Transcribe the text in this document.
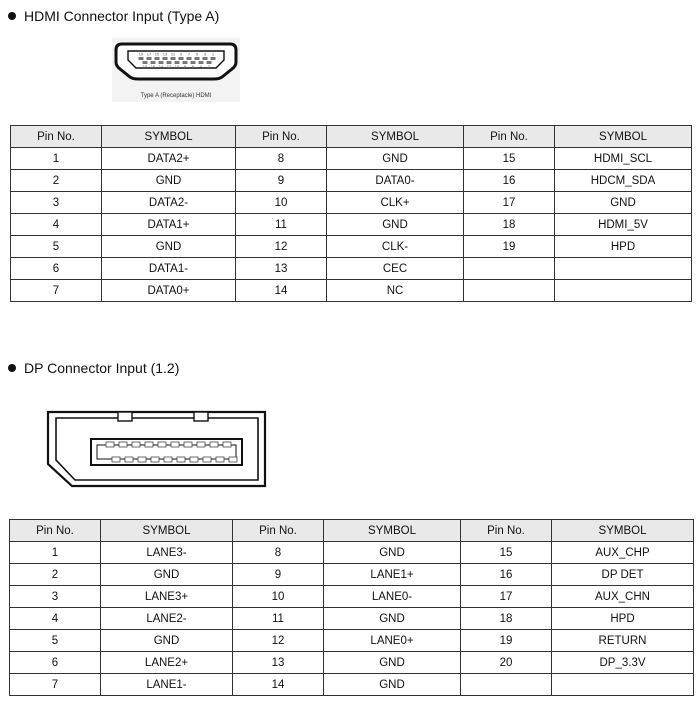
HDMI Connector Input (Type A)
19 17 15 13 11 9 7 5 3 1
18 16 14 12 10 8 6 4 2
Type A (Receptacle) HDMI
Pin No.	SYMBOL	Pin No.	SYMBOL	Pin No.	SYMBOL
1	DATA2+	8	GND	15	HDMI_SCL
2	GND	9	DATA0-	16	HDCM_SDA
3	DATA2-	10	CLK+	17	GND
4	DATA1+	11	GND	18	HDMI_5V
5	GND	12	CLK-	19	HPD
6	DATA1-	13	CEC		
7	DATA0+	14	NC		
DP Connector Input (1.2)
Pin No.	SYMBOL	Pin No.	SYMBOL	Pin No.	SYMBOL
1	LANE3-	8	GND	15	AUX_CHP
2	GND	9	LANE1+	16	DP DET
3	LANE3+	10	LANE0-	17	AUX_CHN
4	LANE2-	11	GND	18	HPD
5	GND	12	LANE0+	19	RETURN
6	LANE2+	13	GND	20	DP_3.3V
7	LANE1-	14	GND		
